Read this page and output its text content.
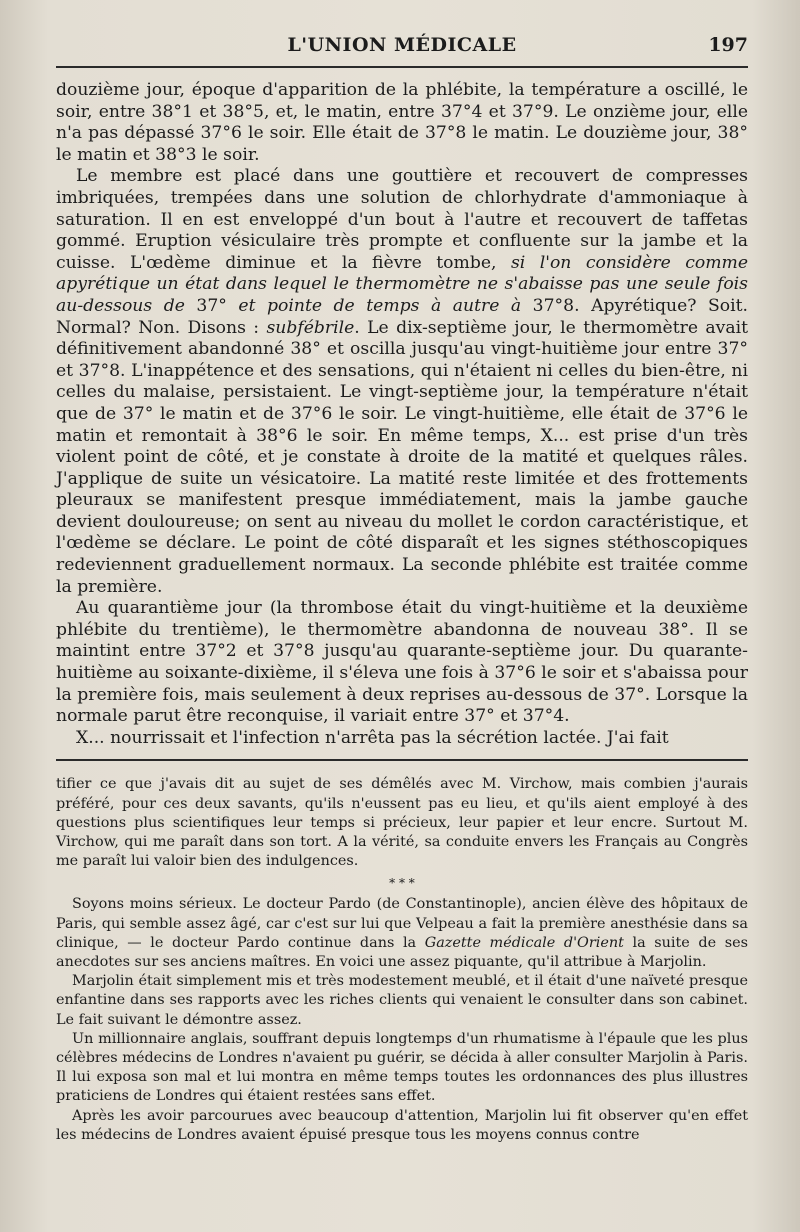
L'UNION MÉDICALE	197

douzième jour, époque d'apparition de la phlébite, la température a oscillé, le soir, entre 38°1 et 38°5, et, le matin, entre 37°4 et 37°9. Le onzième jour, elle n'a pas dépassé 37°6 le soir. Elle était de 37°8 le matin. Le douzième jour, 38° le matin et 38°3 le soir.

Le membre est placé dans une gouttière et recouvert de compresses imbriquées, trempées dans une solution de chlorhydrate d'ammoniaque à saturation. Il en est enveloppé d'un bout à l'autre et recouvert de taffetas gommé. Eruption vésiculaire très prompte et confluente sur la jambe et la cuisse. L'œdème diminue et la fièvre tombe, si l'on considère comme apyrétique un état dans lequel le thermomètre ne s'abaisse pas une seule fois au-dessous de 37° et pointe de temps à autre à 37°8. Apyrétique? Soit. Normal? Non. Disons : subfébrile. Le dix-septième jour, le thermomètre avait définitivement abandonné 38° et oscilla jusqu'au vingt-huitième jour entre 37° et 37°8. L'inappétence et des sensations, qui n'étaient ni celles du bien-être, ni celles du malaise, persistaient. Le vingt-septième jour, la température n'était que de 37° le matin et de 37°6 le soir. Le vingt-huitième, elle était de 37°6 le matin et remontait à 38°6 le soir. En même temps, X... est prise d'un très violent point de côté, et je constate à droite de la matité et quelques râles. J'applique de suite un vésicatoire. La matité reste limitée et des frottements pleuraux se manifestent presque immédiatement, mais la jambe gauche devient douloureuse; on sent au niveau du mollet le cordon caractéristique, et l'œdème se déclare. Le point de côté disparaît et les signes stéthoscopiques redeviennent graduellement normaux. La seconde phlébite est traitée comme la première.

Au quarantième jour (la thrombose était du vingt-huitième et la deuxième phlébite du trentième), le thermomètre abandonna de nouveau 38°. Il se maintint entre 37°2 et 37°8 jusqu'au quarante-septième jour. Du quarante-huitième au soixante-dixième, il s'éleva une fois à 37°6 le soir et s'abaissa pour la première fois, mais seulement à deux reprises au-dessous de 37°. Lorsque la normale parut être reconquise, il variait entre 37° et 37°4.

X... nourrissait et l'infection n'arrêta pas la sécrétion lactée. J'ai fait

tifier ce que j'avais dit au sujet de ses démêlés avec M. Virchow, mais combien j'aurais préféré, pour ces deux savants, qu'ils n'eussent pas eu lieu, et qu'ils aient employé à des questions plus scientifiques leur temps si précieux, leur papier et leur encre. Surtout M. Virchow, qui me paraît dans son tort. A la vérité, sa conduite envers les Français au Congrès me paraît lui valoir bien des indulgences.

* * *

Soyons moins sérieux. Le docteur Pardo (de Constantinople), ancien élève des hôpitaux de Paris, qui semble assez âgé, car c'est sur lui que Velpeau a fait la première anesthésie dans sa clinique, — le docteur Pardo continue dans la Gazette médicale d'Orient la suite de ses anecdotes sur ses anciens maîtres. En voici une assez piquante, qu'il attribue à Marjolin.

Marjolin était simplement mis et très modestement meublé, et il était d'une naïveté presque enfantine dans ses rapports avec les riches clients qui venaient le consulter dans son cabinet. Le fait suivant le démontre assez.

Un millionnaire anglais, souffrant depuis longtemps d'un rhumatisme à l'épaule que les plus célèbres médecins de Londres n'avaient pu guérir, se décida à aller consulter Marjolin à Paris. Il lui exposa son mal et lui montra en même temps toutes les ordonnances des plus illustres praticiens de Londres qui étaient restées sans effet.

Après les avoir parcourues avec beaucoup d'attention, Marjolin lui fit observer qu'en effet les médecins de Londres avaient épuisé presque tous les moyens connus contre
